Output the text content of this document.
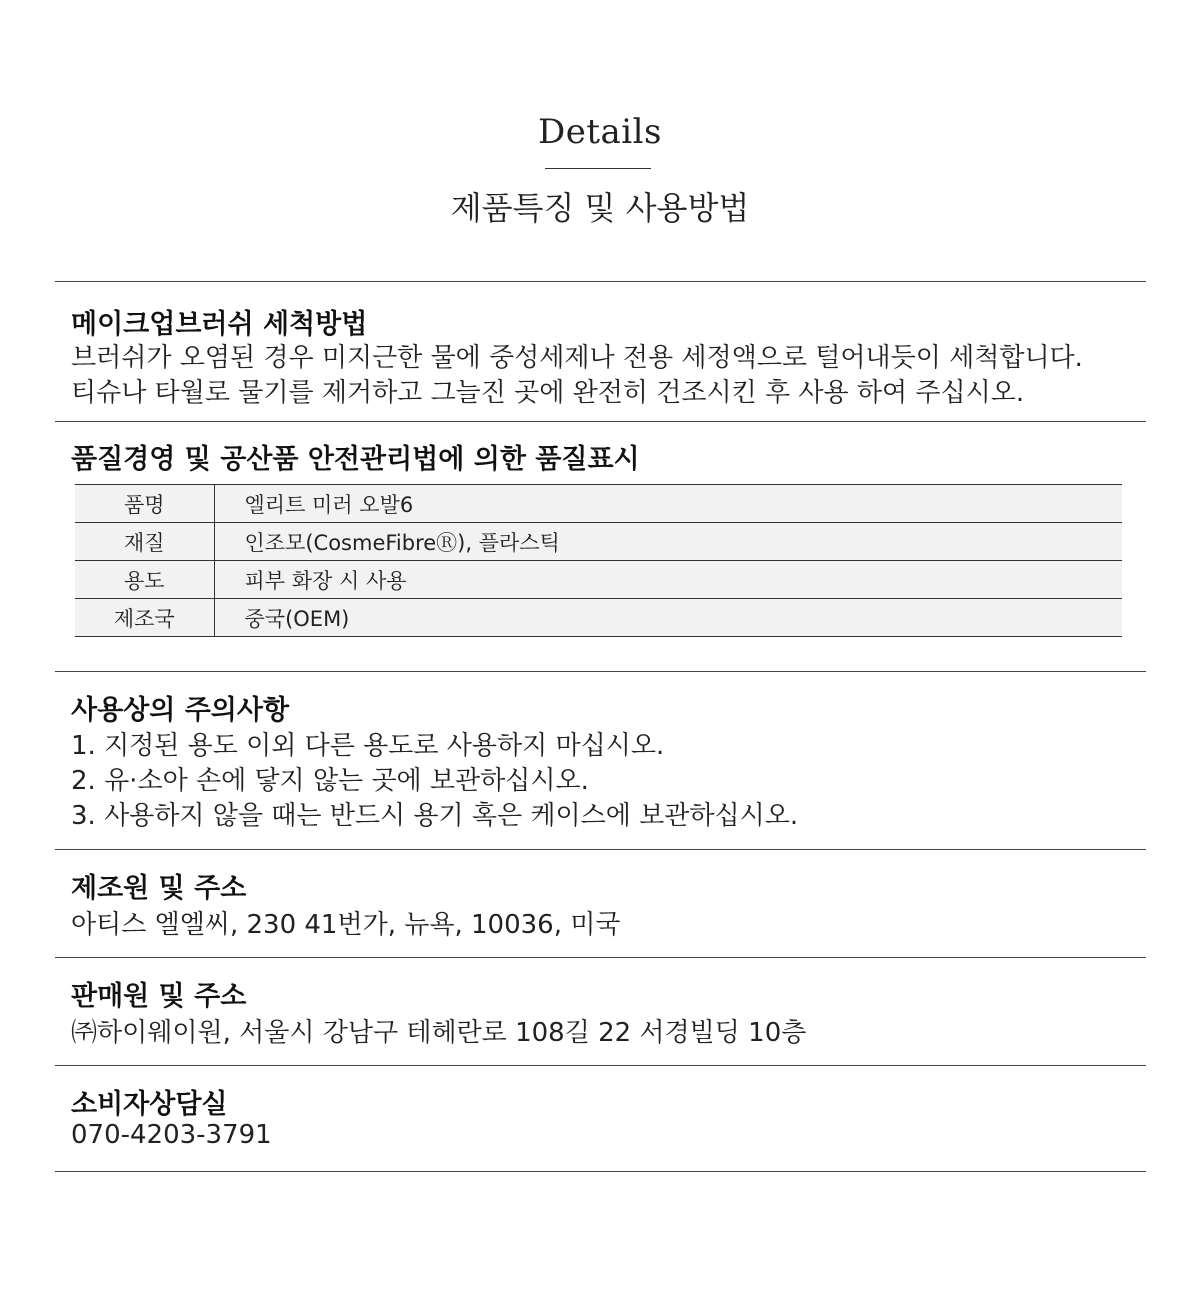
Details
제품특징 및 사용방법
메이크업브러쉬 세척방법
브러쉬가 오염된 경우 미지근한 물에 중성세제나 전용 세정액으로 털어내듯이 세척합니다.
티슈나 타월로 물기를 제거하고 그늘진 곳에 완전히 건조시킨 후 사용 하여 주십시오.
품질경영 및 공산품 안전관리법에 의한 품질표시
품명	엘리트 미러 오발6
재질	인조모(CosmeFibreⓇ), 플라스틱
용도	피부 화장 시 사용
제조국	중국(OEM)
사용상의 주의사항
1. 지정된 용도 이외 다른 용도로 사용하지 마십시오.
2. 유·소아 손에 닿지 않는 곳에 보관하십시오.
3. 사용하지 않을 때는 반드시 용기 혹은 케이스에 보관하십시오.
제조원 및 주소
아티스 엘엘씨, 230 41번가, 뉴욕, 10036, 미국
판매원 및 주소
㈜하이웨이원, 서울시 강남구 테헤란로 108길 22 서경빌딩 10층
소비자상담실
070-4203-3791
